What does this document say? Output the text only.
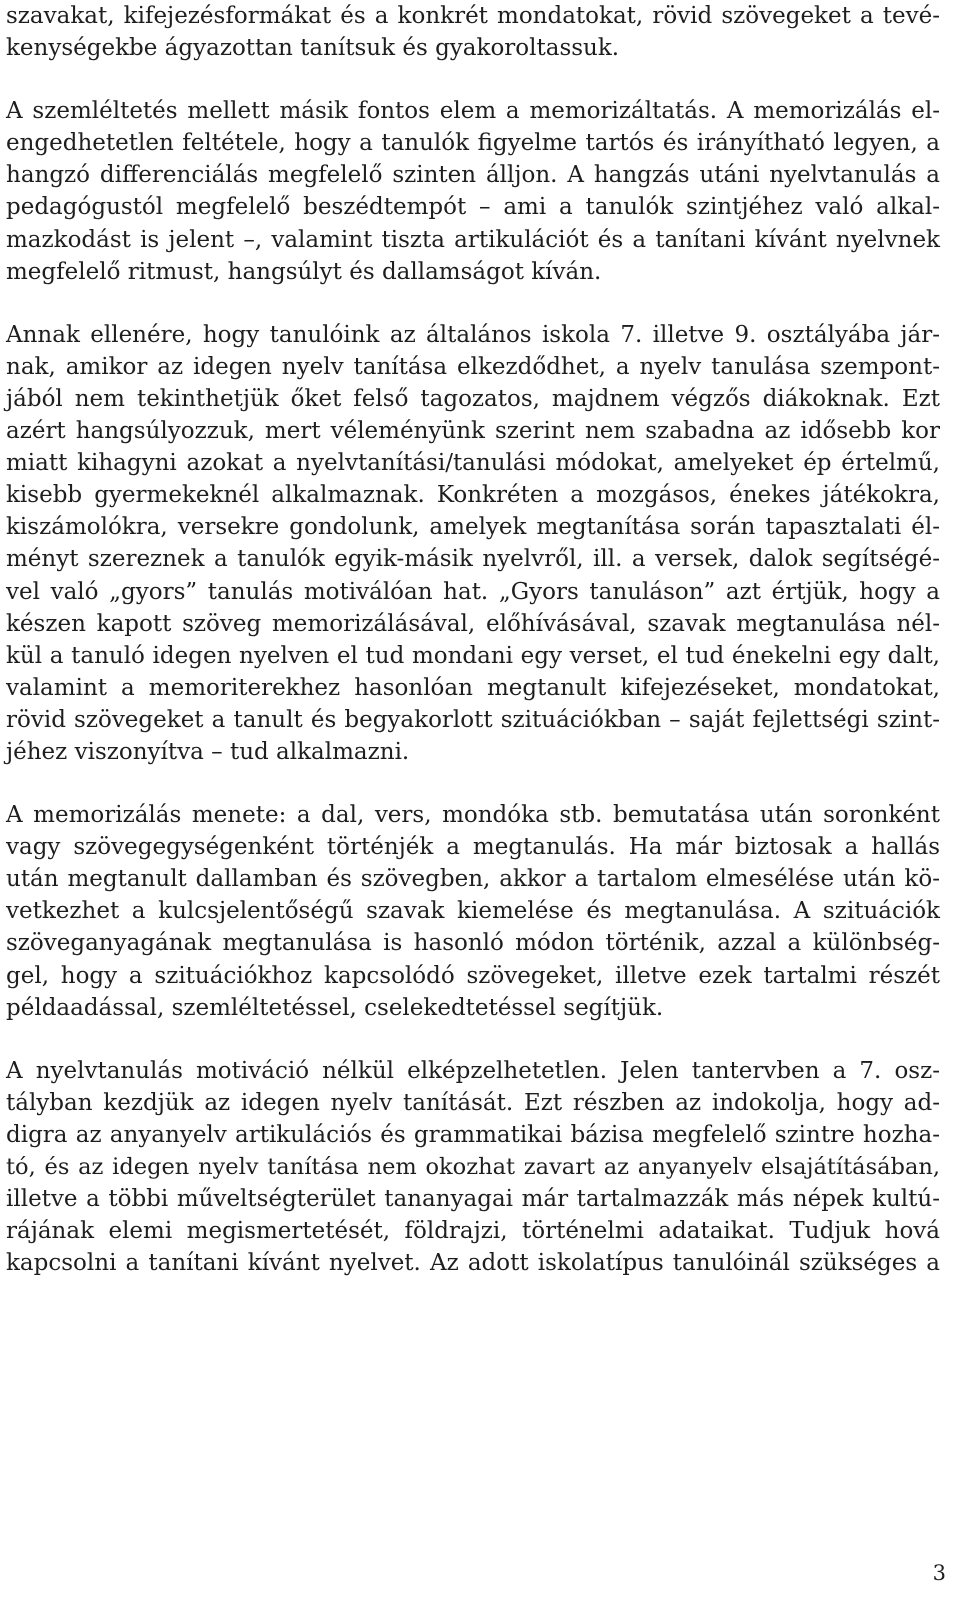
szavakat, kifejezésformákat és a konkrét mondatokat, rövid szövegeket a tevé-
kenységekbe ágyazottan tanítsuk és gyakoroltassuk.
A szemléltetés mellett másik fontos elem a memorizáltatás. A memorizálás el-
engedhetetlen feltétele, hogy a tanulók figyelme tartós és irányítható legyen, a
hangzó differenciálás megfelelő szinten álljon. A hangzás utáni nyelvtanulás a
pedagógustól megfelelő beszédtempót – ami a tanulók szintjéhez való alkal-
mazkodást is jelent –, valamint tiszta artikulációt és a tanítani kívánt nyelvnek
megfelelő ritmust, hangsúlyt és dallamságot kíván.
Annak ellenére, hogy tanulóink az általános iskola 7. illetve 9. osztályába jár-
nak, amikor az idegen nyelv tanítása elkezdődhet, a nyelv tanulása szempont-
jából nem tekinthetjük őket felső tagozatos, majdnem végzős diákoknak. Ezt
azért hangsúlyozzuk, mert véleményünk szerint nem szabadna az idősebb kor
miatt kihagyni azokat a nyelvtanítási/tanulási módokat, amelyeket ép értelmű,
kisebb gyermekeknél alkalmaznak. Konkréten a mozgásos, énekes játékokra,
kiszámolókra, versekre gondolunk, amelyek megtanítása során tapasztalati él-
ményt szereznek a tanulók egyik-másik nyelvről, ill. a versek, dalok segítségé-
vel való „gyors” tanulás motiválóan hat. „Gyors tanuláson” azt értjük, hogy a
készen kapott szöveg memorizálásával, előhívásával, szavak megtanulása nél-
kül a tanuló idegen nyelven el tud mondani egy verset, el tud énekelni egy dalt,
valamint a memoriterekhez hasonlóan megtanult kifejezéseket, mondatokat,
rövid szövegeket a tanult és begyakorlott szituációkban – saját fejlettségi szint-
jéhez viszonyítva – tud alkalmazni.
A memorizálás menete: a dal, vers, mondóka stb. bemutatása után soronként
vagy szövegegységenként történjék a megtanulás. Ha már biztosak a hallás
után megtanult dallamban és szövegben, akkor a tartalom elmesélése után kö-
vetkezhet a kulcsjelentőségű szavak kiemelése és megtanulása. A szituációk
szöveganyagának megtanulása is hasonló módon történik, azzal a különbség-
gel, hogy a szituációkhoz kapcsolódó szövegeket, illetve ezek tartalmi részét
példaadással, szemléltetéssel, cselekedtetéssel segítjük.
A nyelvtanulás motiváció nélkül elképzelhetetlen. Jelen tantervben a 7. osz-
tályban kezdjük az idegen nyelv tanítását. Ezt részben az indokolja, hogy ad-
digra az anyanyelv artikulációs és grammatikai bázisa megfelelő szintre hozha-
tó, és az idegen nyelv tanítása nem okozhat zavart az anyanyelv elsajátításában,
illetve a többi műveltségterület tananyagai már tartalmazzák más népek kultú-
rájának elemi megismertetését, földrajzi, történelmi adataikat. Tudjuk hová
kapcsolni a tanítani kívánt nyelvet. Az adott iskolatípus tanulóinál szükséges a
3
